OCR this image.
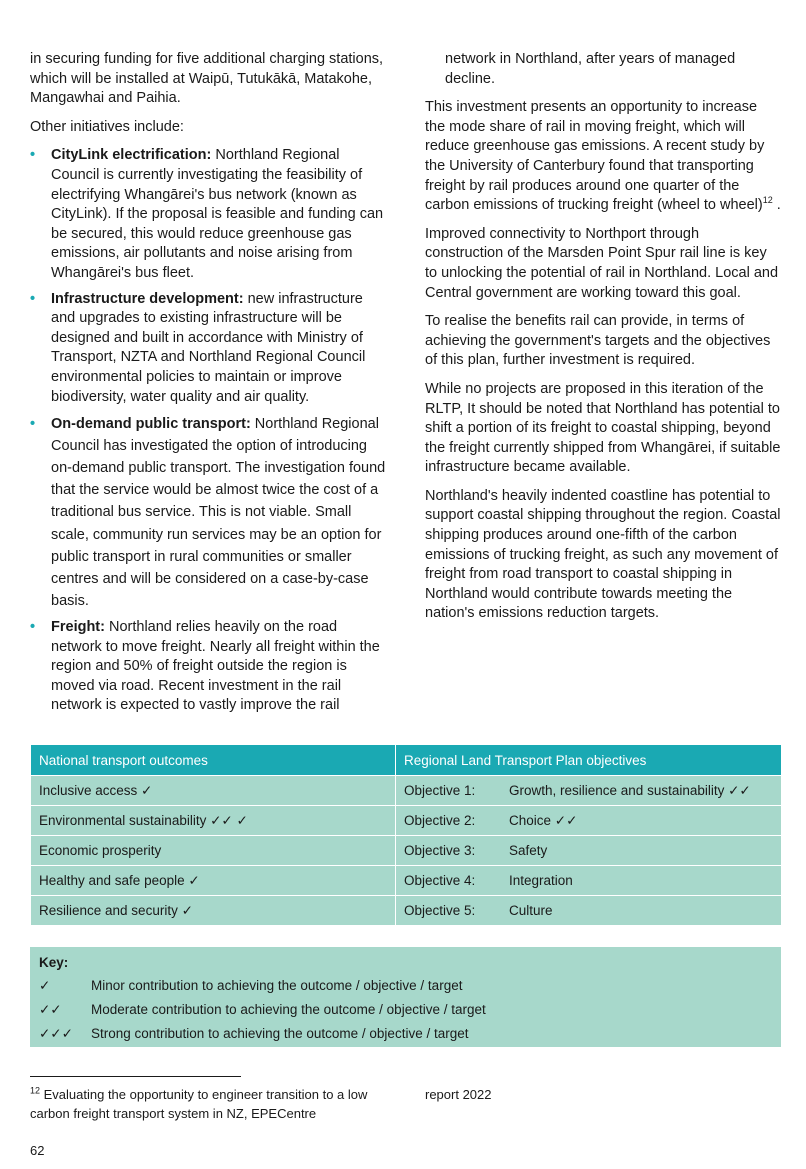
in securing funding for five additional charging stations, which will be installed at Waipū, Tutukākā, Matakohe, Mangawhai and Paihia.

Other initiatives include:

• CityLink electrification: Northland Regional Council is currently investigating the feasibility of electrifying Whangārei's bus network (known as CityLink). If the proposal is feasible and funding can be secured, this would reduce greenhouse gas emissions, air pollutants and noise arising from Whangārei's bus fleet.
• Infrastructure development: new infrastructure and upgrades to existing infrastructure will be designed and built in accordance with Ministry of Transport, NZTA and Northland Regional Council environmental policies to maintain or improve biodiversity, water quality and air quality.
• On-demand public transport: Northland Regional Council has investigated the option of introducing on-demand public transport. The investigation found that the service would be almost twice the cost of a traditional bus service. This is not viable. Small scale, community run services may be an option for public transport in rural communities or smaller centres and will be considered on a case-by-case basis.
• Freight: Northland relies heavily on the road network to move freight. Nearly all freight within the region and 50% of freight outside the region is moved via road. Recent investment in the rail network is expected to vastly improve the rail

network in Northland, after years of managed decline.

This investment presents an opportunity to increase the mode share of rail in moving freight, which will reduce greenhouse gas emissions. A recent study by the University of Canterbury found that transporting freight by rail produces around one quarter of the carbon emissions of trucking freight (wheel to wheel)$^{12}$ .

Improved connectivity to Northport through construction of the Marsden Point Spur rail line is key to unlocking the potential of rail in Northland. Local and Central government are working toward this goal.

To realise the benefits rail can provide, in terms of achieving the government's targets and the objectives of this plan, further investment is required.

While no projects are proposed in this iteration of the RLTP, It should be noted that Northland has potential to shift a portion of its freight to coastal shipping, beyond the freight currently shipped from Whangārei, if suitable infrastructure became available.

Northland's heavily indented coastline has potential to support coastal shipping throughout the region. Coastal shipping produces around one-fifth of the carbon emissions of trucking freight, as such any movement of freight from road transport to coastal shipping in Northland would contribute towards meeting the nation's emissions reduction targets.

National transport outcomes	Regional Land Transport Plan objectives
Inclusive access ✓	Objective 1: Growth, resilience and sustainability ✓✓
Environmental sustainability ✓✓ ✓	Objective 2: Choice ✓✓
Economic prosperity	Objective 3: Safety
Healthy and safe people ✓	Objective 4: Integration
Resilience and security ✓	Objective 5: Culture
Key:
✓	Minor contribution to achieving the outcome / objective / target
✓✓	Moderate contribution to achieving the outcome / objective / target
✓✓✓	Strong contribution to achieving the outcome / objective / target
$^{12}$ Evaluating the opportunity to engineer transition to a low carbon freight transport system in NZ, EPECentre
report 2022
62
